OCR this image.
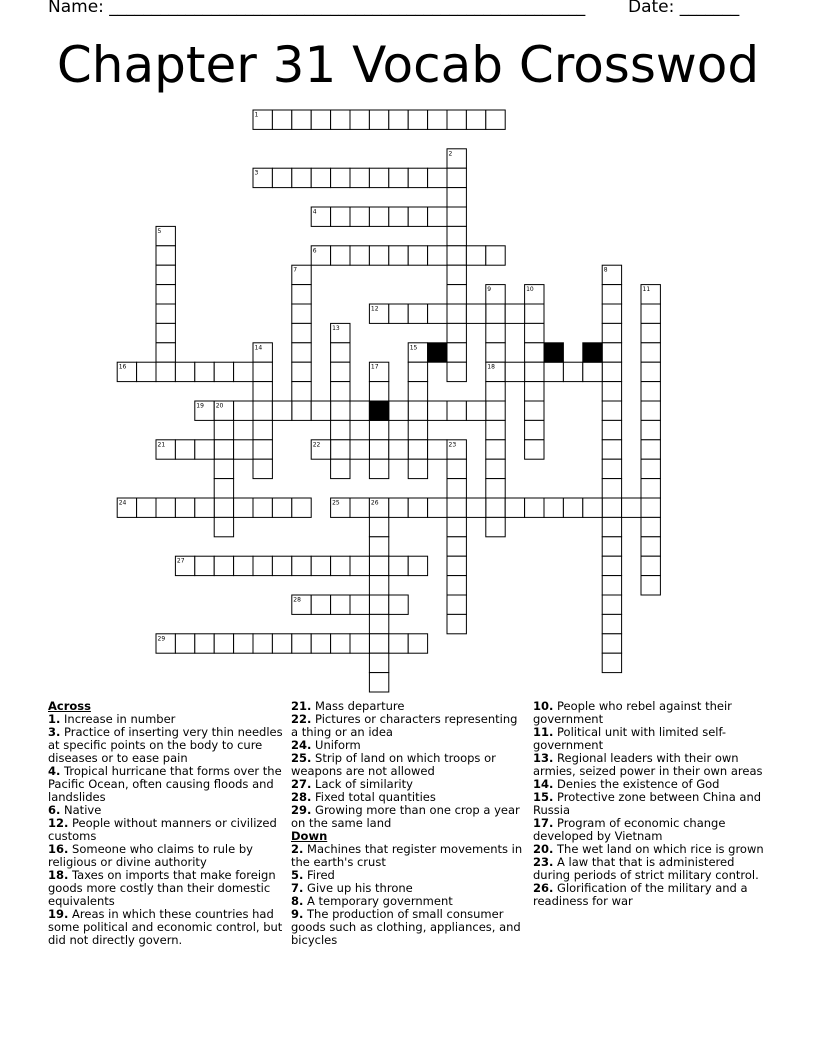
Name: ________________________________________________________	Date: _______
Chapter 31 Vocab Crosswod
1
2
3
4
5
6
7	8
9	10	11
12
13
14	15
16	17	18
19 20
21	22	23
24	25	26
27
28
29
Across
1. Increase in number
3. Practice of inserting very thin needles at specific points on the body to cure diseases or to ease pain
4. Tropical hurricane that forms over the Pacific Ocean, often causing floods and landslides
6. Native
12. People without manners or civilized customs
16. Someone who claims to rule by religious or divine authority
18. Taxes on imports that make foreign goods more costly than their domestic equivalents
19. Areas in which these countries had some political and economic control, but did not directly govern.
21. Mass departure
22. Pictures or characters representing a thing or an idea
24. Uniform
25. Strip of land on which troops or weapons are not allowed
27. Lack of similarity
28. Fixed total quantities
29. Growing more than one crop a year on the same land
Down
2. Machines that register movements in the earth's crust
5. Fired
7. Give up his throne
8. A temporary government
9. The production of small consumer goods such as clothing, appliances, and bicycles
10. People who rebel against their government
11. Political unit with limited self-government
13. Regional leaders with their own armies, seized power in their own areas
14. Denies the existence of God
15. Protective zone between China and Russia
17. Program of economic change developed by Vietnam
20. The wet land on which rice is grown
23. A law that that is administered during periods of strict military control.
26. Glorification of the military and a readiness for war
